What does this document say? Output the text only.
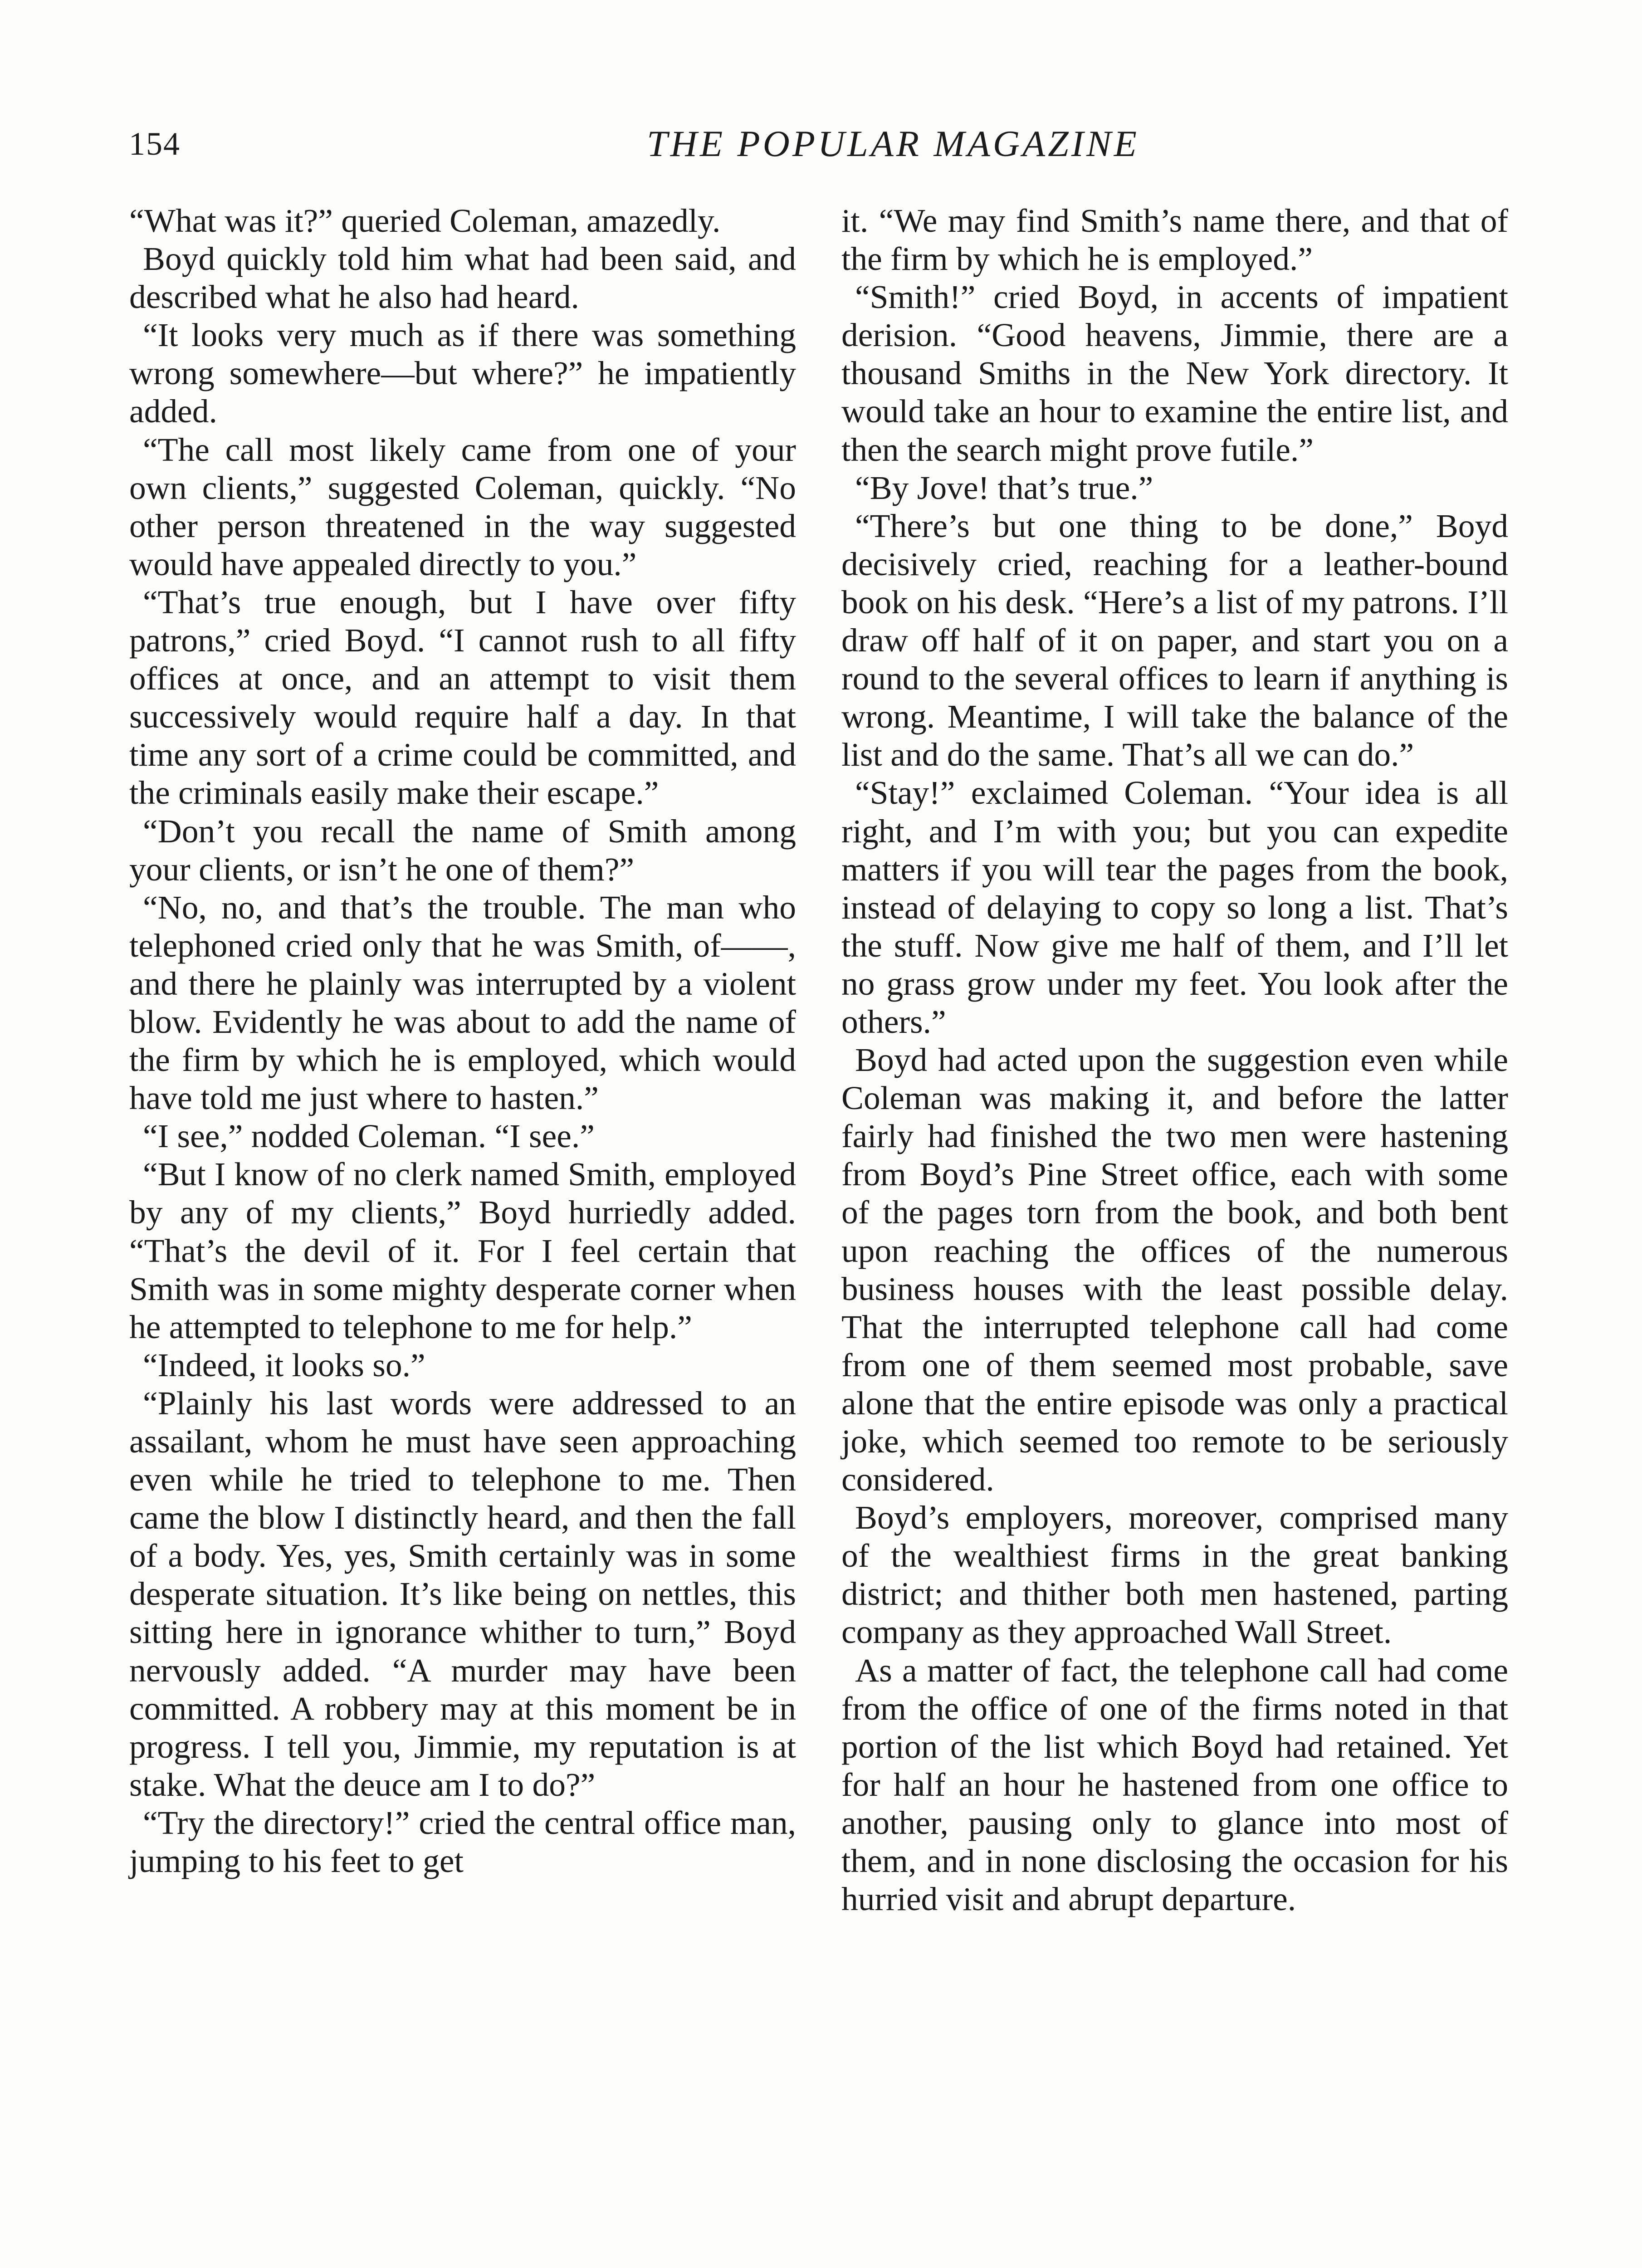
154	THE POPULAR MAGAZINE

“What was it?” queried Coleman, amazedly.

Boyd quickly told him what had been said, and described what he also had heard.

“It looks very much as if there was something wrong somewhere—but where?” he impatiently added.

“The call most likely came from one of your own clients,” suggested Coleman, quickly. “No other person threatened in the way suggested would have appealed directly to you.”

“That’s true enough, but I have over fifty patrons,” cried Boyd. “I cannot rush to all fifty offices at once, and an attempt to visit them successively would require half a day. In that time any sort of a crime could be committed, and the criminals easily make their escape.”

“Don’t you recall the name of Smith among your clients, or isn’t he one of them?”

“No, no, and that’s the trouble. The man who telephoned cried only that he was Smith, of——, and there he plainly was interrupted by a violent blow. Evidently he was about to add the name of the firm by which he is employed, which would have told me just where to hasten.”

“I see,” nodded Coleman. “I see.”

“But I know of no clerk named Smith, employed by any of my clients,” Boyd hurriedly added. “That’s the devil of it. For I feel certain that Smith was in some mighty desperate corner when he attempted to telephone to me for help.”

“Indeed, it looks so.”

“Plainly his last words were addressed to an assailant, whom he must have seen approaching even while he tried to telephone to me. Then came the blow I distinctly heard, and then the fall of a body. Yes, yes, Smith certainly was in some desperate situation. It’s like being on nettles, this sitting here in ignorance whither to turn,” Boyd nervously added. “A murder may have been committed. A robbery may at this moment be in progress. I tell you, Jimmie, my reputation is at stake. What the deuce am I to do?”

“Try the directory!” cried the central office man, jumping to his feet to get

it. “We may find Smith’s name there, and that of the firm by which he is employed.”

“Smith!” cried Boyd, in accents of impatient derision. “Good heavens, Jimmie, there are a thousand Smiths in the New York directory. It would take an hour to examine the entire list, and then the search might prove futile.”

“By Jove! that’s true.”

“There’s but one thing to be done,” Boyd decisively cried, reaching for a leather-bound book on his desk. “Here’s a list of my patrons. I’ll draw off half of it on paper, and start you on a round to the several offices to learn if anything is wrong. Meantime, I will take the balance of the list and do the same. That’s all we can do.”

“Stay!” exclaimed Coleman. “Your idea is all right, and I’m with you; but you can expedite matters if you will tear the pages from the book, instead of delaying to copy so long a list. That’s the stuff. Now give me half of them, and I’ll let no grass grow under my feet. You look after the others.”

Boyd had acted upon the suggestion even while Coleman was making it, and before the latter fairly had finished the two men were hastening from Boyd’s Pine Street office, each with some of the pages torn from the book, and both bent upon reaching the offices of the numerous business houses with the least possible delay. That the interrupted telephone call had come from one of them seemed most probable, save alone that the entire episode was only a practical joke, which seemed too remote to be seriously considered.

Boyd’s employers, moreover, comprised many of the wealthiest firms in the great banking district; and thither both men hastened, parting company as they approached Wall Street.

As a matter of fact, the telephone call had come from the office of one of the firms noted in that portion of the list which Boyd had retained. Yet for half an hour he hastened from one office to another, pausing only to glance into most of them, and in none disclosing the occasion for his hurried visit and abrupt departure.
